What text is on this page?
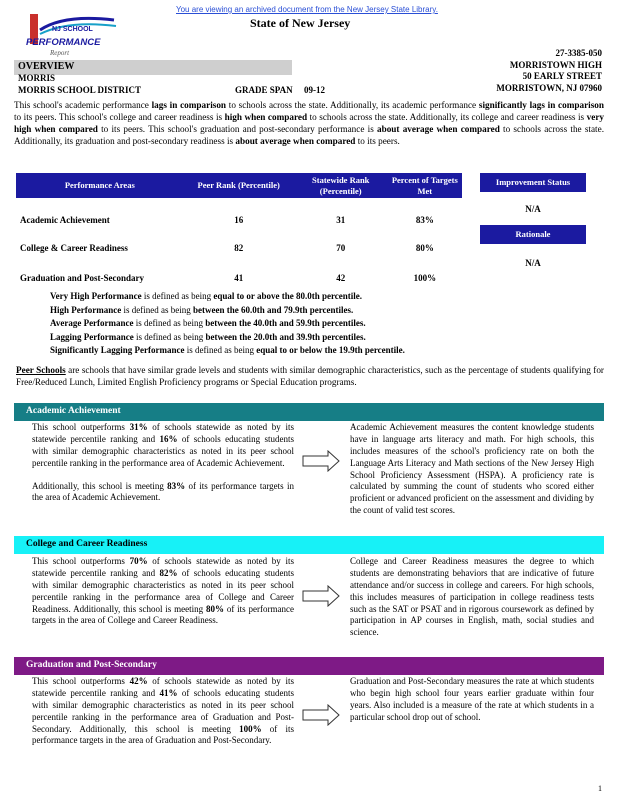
You are viewing an archived document from the New Jersey State Library.
State of New Jersey
NJ SCHOOL
PERFORMANCE
Report	27-3385-050
MORRISTOWN HIGH
50 EARLY STREET
MORRISTOWN, NJ 07960
OVERVIEW
MORRIS
MORRIS SCHOOL DISTRICT	GRADE SPAN 09-12
This school's academic performance lags in comparison to schools across the state. Additionally, its academic performance significantly lags in comparison to its peers. This school's college and career readiness is high when compared to schools across the state. Additionally, its college and career readiness is very high when compared to its peers. This school's graduation and post-secondary performance is about average when compared to schools across the state. Additionally, its graduation and post-secondary readiness is about average when compared to its peers.
Performance Areas	Peer Rank (Percentile)	Statewide Rank (Percentile)	Percent of Targets Met
Academic Achievement	16	31	83%
College & Career Readiness	82	70	80%
Graduation and Post-Secondary	41	42	100%
Improvement Status
N/A
Rationale
N/A
Very High Performance is defined as being equal to or above the 80.0th percentile.
High Performance is defined as being between the 60.0th and 79.9th percentiles.
Average Performance is defined as being between the 40.0th and 59.9th percentiles.
Lagging Performance is defined as being between the 20.0th and 39.9th percentiles.
Significantly Lagging Performance is defined as being equal to or below the 19.9th percentile.
Peer Schools are schools that have similar grade levels and students with similar demographic characteristics, such as the percentage of students qualifying for Free/Reduced Lunch, Limited English Proficiency programs or Special Education programs.
Academic Achievement
This school outperforms 31% of schools statewide as noted by its statewide percentile ranking and 16% of schools educating students with similar demographic characteristics as noted in its peer school percentile ranking in the performance area of Academic Achievement.
Additionally, this school is meeting 83% of its performance targets in the area of Academic Achievement.
Academic Achievement measures the content knowledge students have in language arts literacy and math. For high schools, this includes measures of the school's proficiency rate on both the Language Arts Literacy and Math sections of the New Jersey High School Proficiency Assessment (HSPA). A proficiency rate is calculated by summing the count of students who scored either proficient or advanced proficient on the assessment and dividing by the count of valid test scores.
College and Career Readiness
This school outperforms 70% of schools statewide as noted by its statewide percentile ranking and 82% of schools educating students with similar demographic characteristics as noted in its peer school percentile ranking in the performance area of College and Career Readiness. Additionally, this school is meeting 80% of its performance targets in the area of College and Career Readiness.
College and Career Readiness measures the degree to which students are demonstrating behaviors that are indicative of future attendance and/or success in college and careers. For high schools, this includes measures of participation in college readiness tests such as the SAT or PSAT and in rigorous coursework as defined by participation in AP courses in English, math, social studies and science.
Graduation and Post-Secondary
This school outperforms 42% of schools statewide as noted by its statewide percentile ranking and 41% of schools educating students with similar demographic characteristics as noted in its peer school percentile ranking in the performance area of Graduation and Post-Secondary. Additionally, this school is meeting 100% of its performance targets in the area of Graduation and Post-Secondary.
Graduation and Post-Secondary measures the rate at which students who begin high school four years earlier graduate within four years. Also included is a measure of the rate at which students in a particular school drop out of school.
1
